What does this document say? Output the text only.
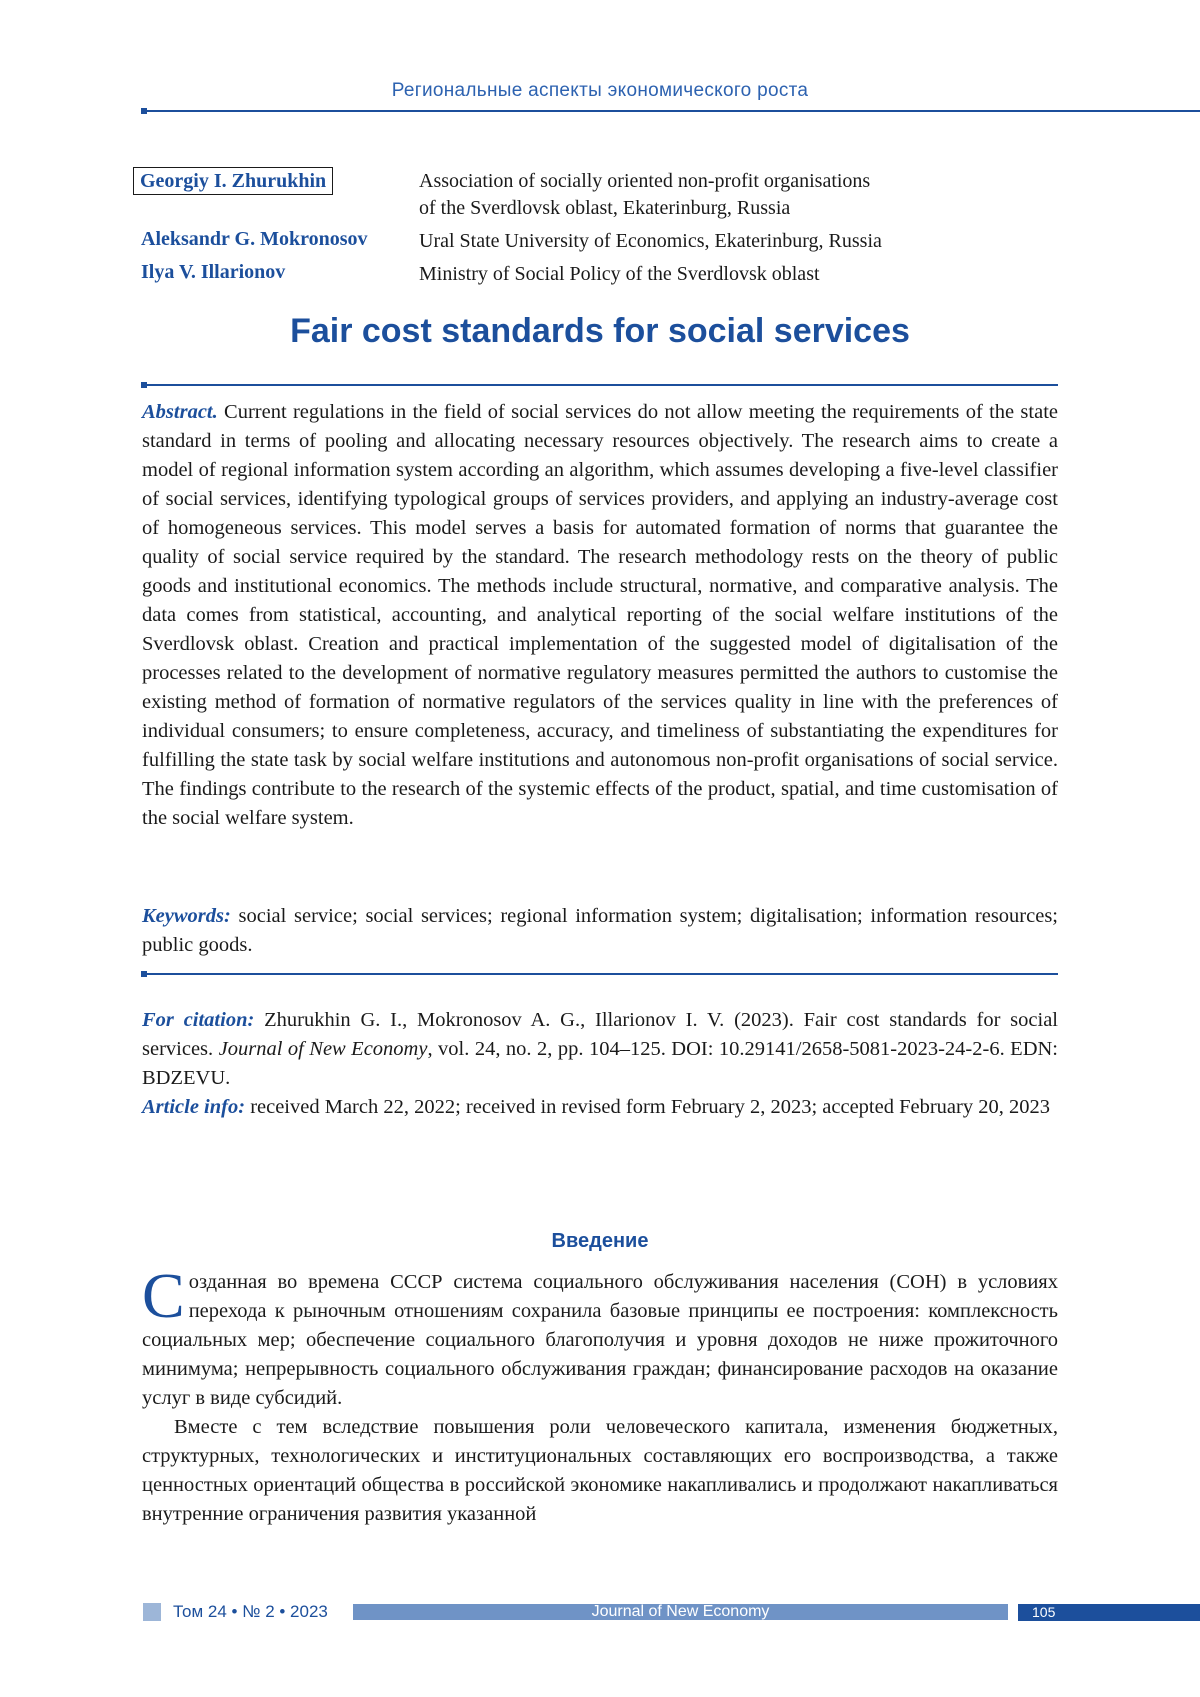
Региональные аспекты экономического роста
Georgiy I. Zhurukhin	Association of socially oriented non-profit organisations
of the Sverdlovsk oblast, Ekaterinburg, Russia
Aleksandr G. Mokronosov	Ural State University of Economics, Ekaterinburg, Russia
Ilya V. Illarionov	Ministry of Social Policy of the Sverdlovsk oblast
Fair cost standards for social services
Abstract. Current regulations in the field of social services do not allow meeting the requirements of the state standard in terms of pooling and allocating necessary resources objectively. The research aims to create a model of regional information system according an algorithm, which assumes developing a five-level classifier of social services, identifying typological groups of services providers, and applying an industry-average cost of homogeneous services. This model serves a basis for automated formation of norms that guarantee the quality of social service required by the standard. The research methodology rests on the theory of public goods and institutional economics. The methods include structural, normative, and comparative analysis. The data comes from statistical, accounting, and analytical reporting of the social welfare institutions of the Sverdlovsk oblast. Creation and practical implementation of the suggested model of digitalisation of the processes related to the development of normative regulatory measures permitted the authors to customise the existing method of formation of normative regulators of the services quality in line with the preferences of individual consumers; to ensure completeness, accuracy, and timeliness of substantiating the expenditures for fulfilling the state task by social welfare institutions and autonomous non-profit organisations of social service. The findings contribute to the research of the systemic effects of the product, spatial, and time customisation of the social welfare system.
Keywords: social service; social services; regional information system; digitalisation; information resources; public goods.
For citation: Zhurukhin G. I., Mokronosov A. G., Illarionov I. V. (2023). Fair cost standards for social services. Journal of New Economy, vol. 24, no. 2, pp. 104–125. DOI: 10.29141/2658-5081-2023-24-2-6. EDN: BDZEVU.
Article info: received March 22, 2022; received in revised form February 2, 2023; accepted February 20, 2023
Введение

С озданная во времена СССР система социального обслуживания населения (СОН) в условиях перехода к рыночным отношениям сохранила базовые принципы ее построения: комплексность социальных мер; обеспечение социального благополучия и уровня доходов не ниже прожиточного минимума; непрерывность социального обслуживания граждан; финансирование расходов на оказание услуг в виде субсидий.

Вместе с тем вследствие повышения роли человеческого капитала, изменения бюджетных, структурных, технологических и институциональных составляющих его воспроизводства, а также ценностных ориентаций общества в российской экономике накапливались и продолжают накапливаться внутренние ограничения развития указанной

Том 24 • № 2 • 2023	Journal of New Economy	105
